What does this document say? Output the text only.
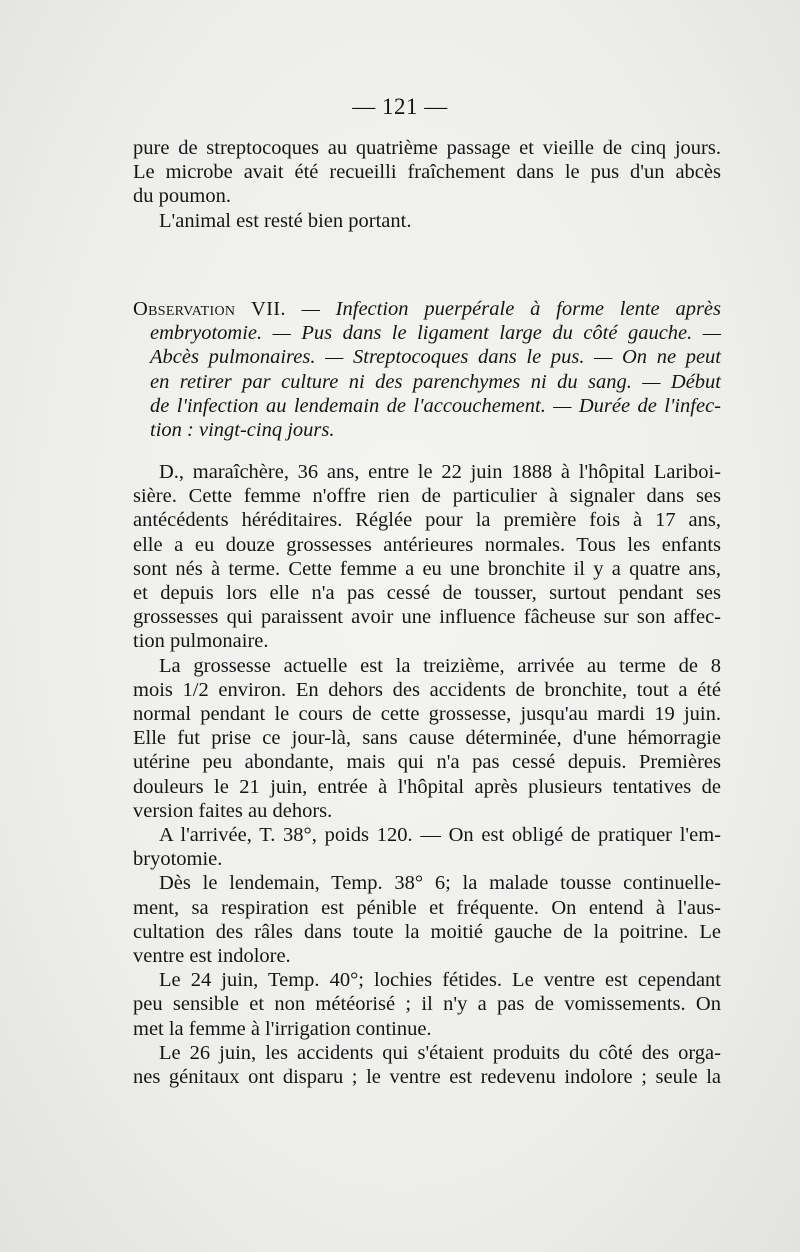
— 121 —
pure de streptocoques au quatrième passage et vieille de cinq jours.
Le microbe avait été recueilli fraîchement dans le pus d'un abcès
du poumon.
L'animal est resté bien portant.
Observation VII. — Infection puerpérale à forme lente après
embryotomie. — Pus dans le ligament large du côté gauche. —
Abcès pulmonaires. — Streptocoques dans le pus. — On ne peut
en retirer par culture ni des parenchymes ni du sang. — Début
de l'infection au lendemain de l'accouchement. — Durée de l'infec-
tion : vingt-cinq jours.
D., maraîchère, 36 ans, entre le 22 juin 1888 à l'hôpital Lariboi-
sière. Cette femme n'offre rien de particulier à signaler dans ses
antécédents héréditaires. Réglée pour la première fois à 17 ans,
elle a eu douze grossesses antérieures normales. Tous les enfants
sont nés à terme. Cette femme a eu une bronchite il y a quatre ans,
et depuis lors elle n'a pas cessé de tousser, surtout pendant ses
grossesses qui paraissent avoir une influence fâcheuse sur son affec-
tion pulmonaire.
La grossesse actuelle est la treizième, arrivée au terme de 8
mois 1/2 environ. En dehors des accidents de bronchite, tout a été
normal pendant le cours de cette grossesse, jusqu'au mardi 19 juin.
Elle fut prise ce jour-là, sans cause déterminée, d'une hémorragie
utérine peu abondante, mais qui n'a pas cessé depuis. Premières
douleurs le 21 juin, entrée à l'hôpital après plusieurs tentatives de
version faites au dehors.
A l'arrivée, T. 38°, poids 120. — On est obligé de pratiquer l'em-
bryotomie.
Dès le lendemain, Temp. 38° 6; la malade tousse continuelle-
ment, sa respiration est pénible et fréquente. On entend à l'aus-
cultation des râles dans toute la moitié gauche de la poitrine. Le
ventre est indolore.
Le 24 juin, Temp. 40°; lochies fétides. Le ventre est cependant
peu sensible et non météorisé ; il n'y a pas de vomissements. On
met la femme à l'irrigation continue.
Le 26 juin, les accidents qui s'étaient produits du côté des orga-
nes génitaux ont disparu ; le ventre est redevenu indolore ; seule la
